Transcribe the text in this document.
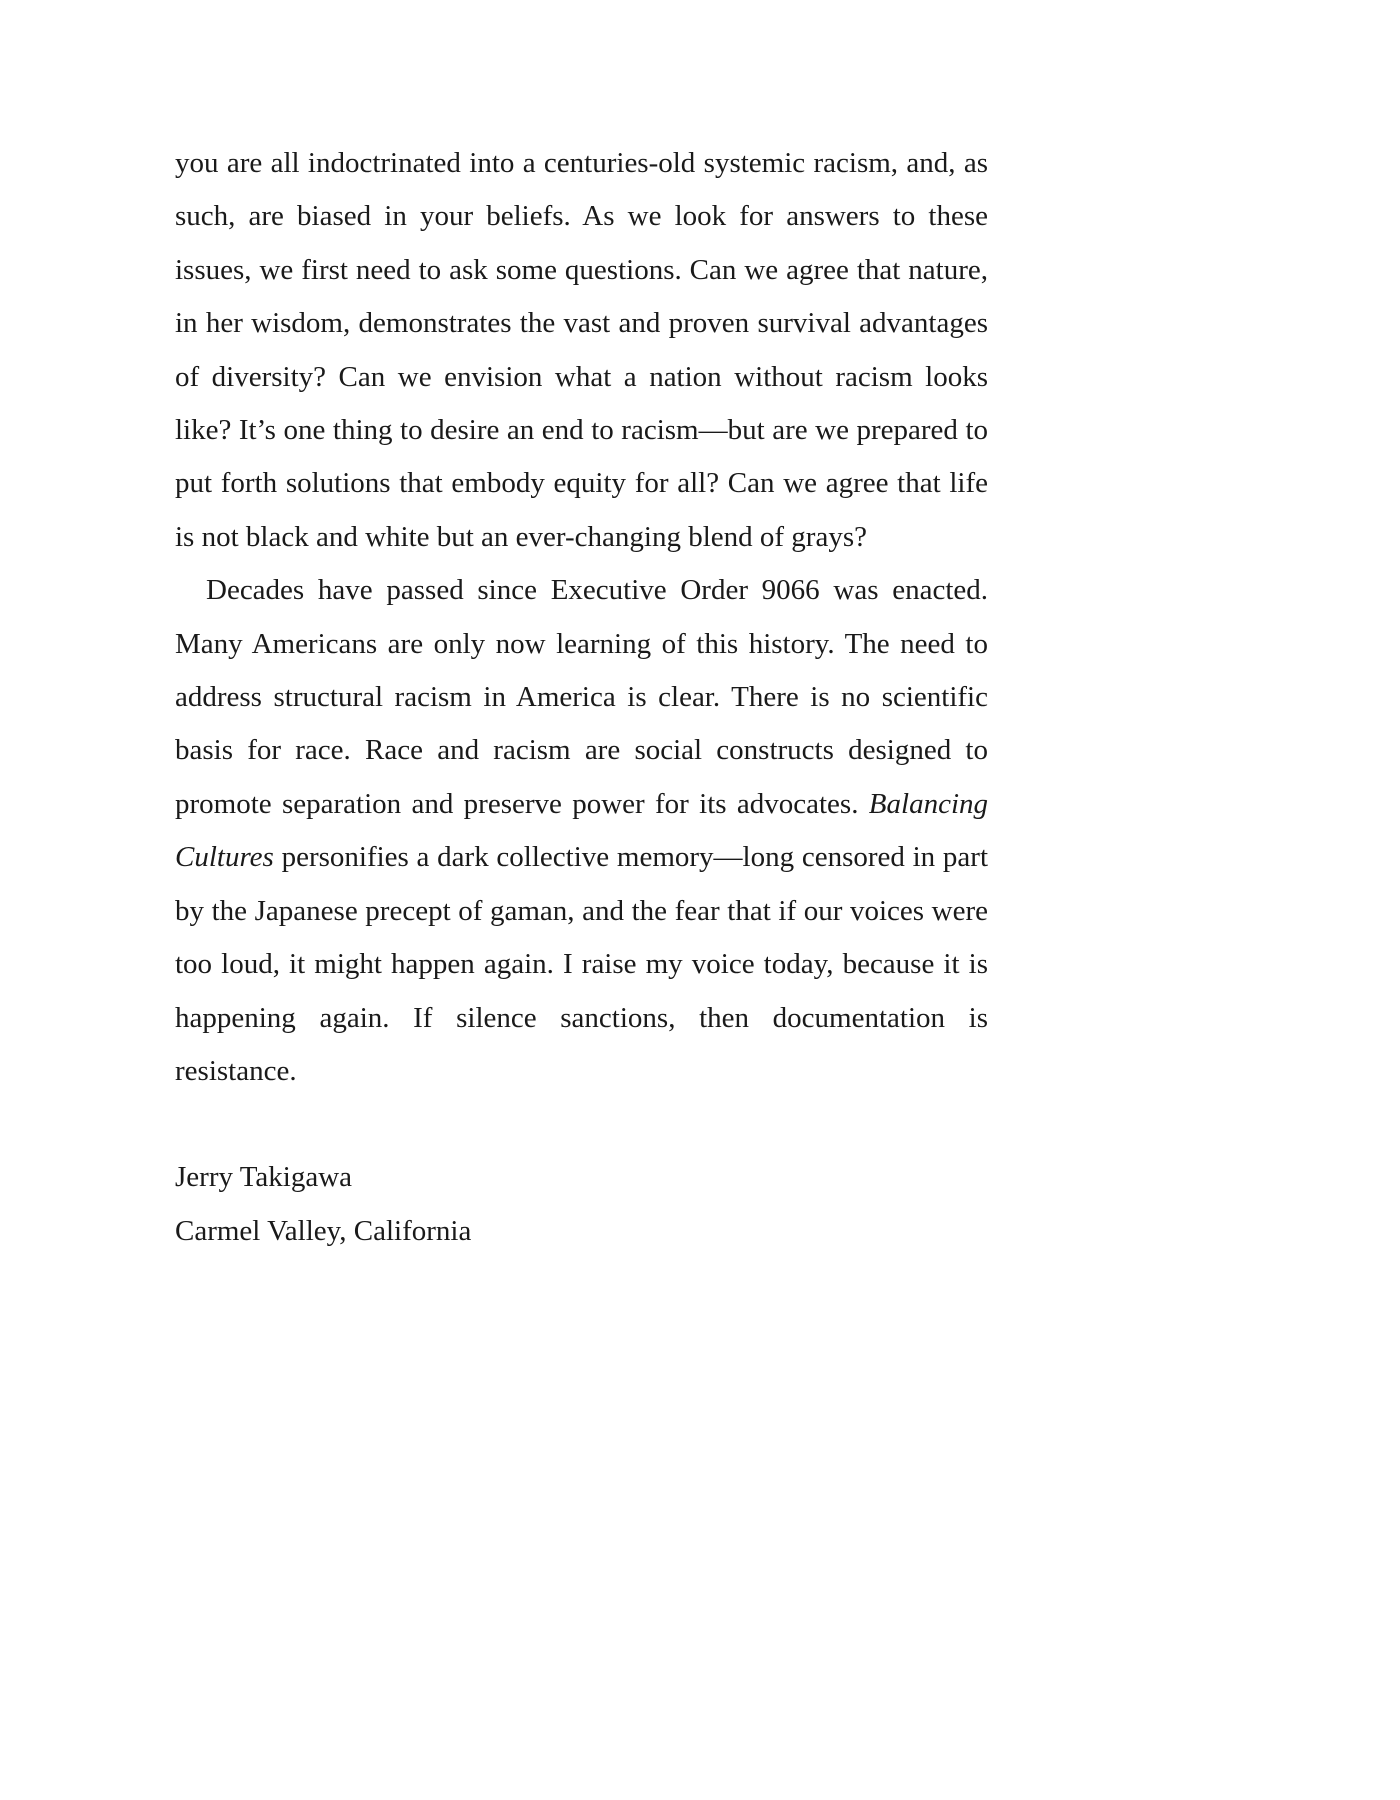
you are all indoctrinated into a centuries-old systemic racism, and, as such, are biased in your beliefs. As we look for answers to these issues, we first need to ask some questions. Can we agree that nature, in her wisdom, demonstrates the vast and proven survival advantages of diversity? Can we envision what a nation without racism looks like? It’s one thing to desire an end to racism—but are we prepared to put forth solutions that embody equity for all? Can we agree that life is not black and white but an ever-changing blend of grays?

Decades have passed since Executive Order 9066 was enacted. Many Americans are only now learning of this history. The need to address structural racism in America is clear. There is no scientific basis for race. Race and racism are social constructs designed to promote separation and preserve power for its advocates. Balancing Cultures personifies a dark collective memory—long censored in part by the Japanese precept of gaman, and the fear that if our voices were too loud, it might happen again. I raise my voice today, because it is happening again. If silence sanctions, then documentation is resistance.

Jerry Takigawa
Carmel Valley, California
